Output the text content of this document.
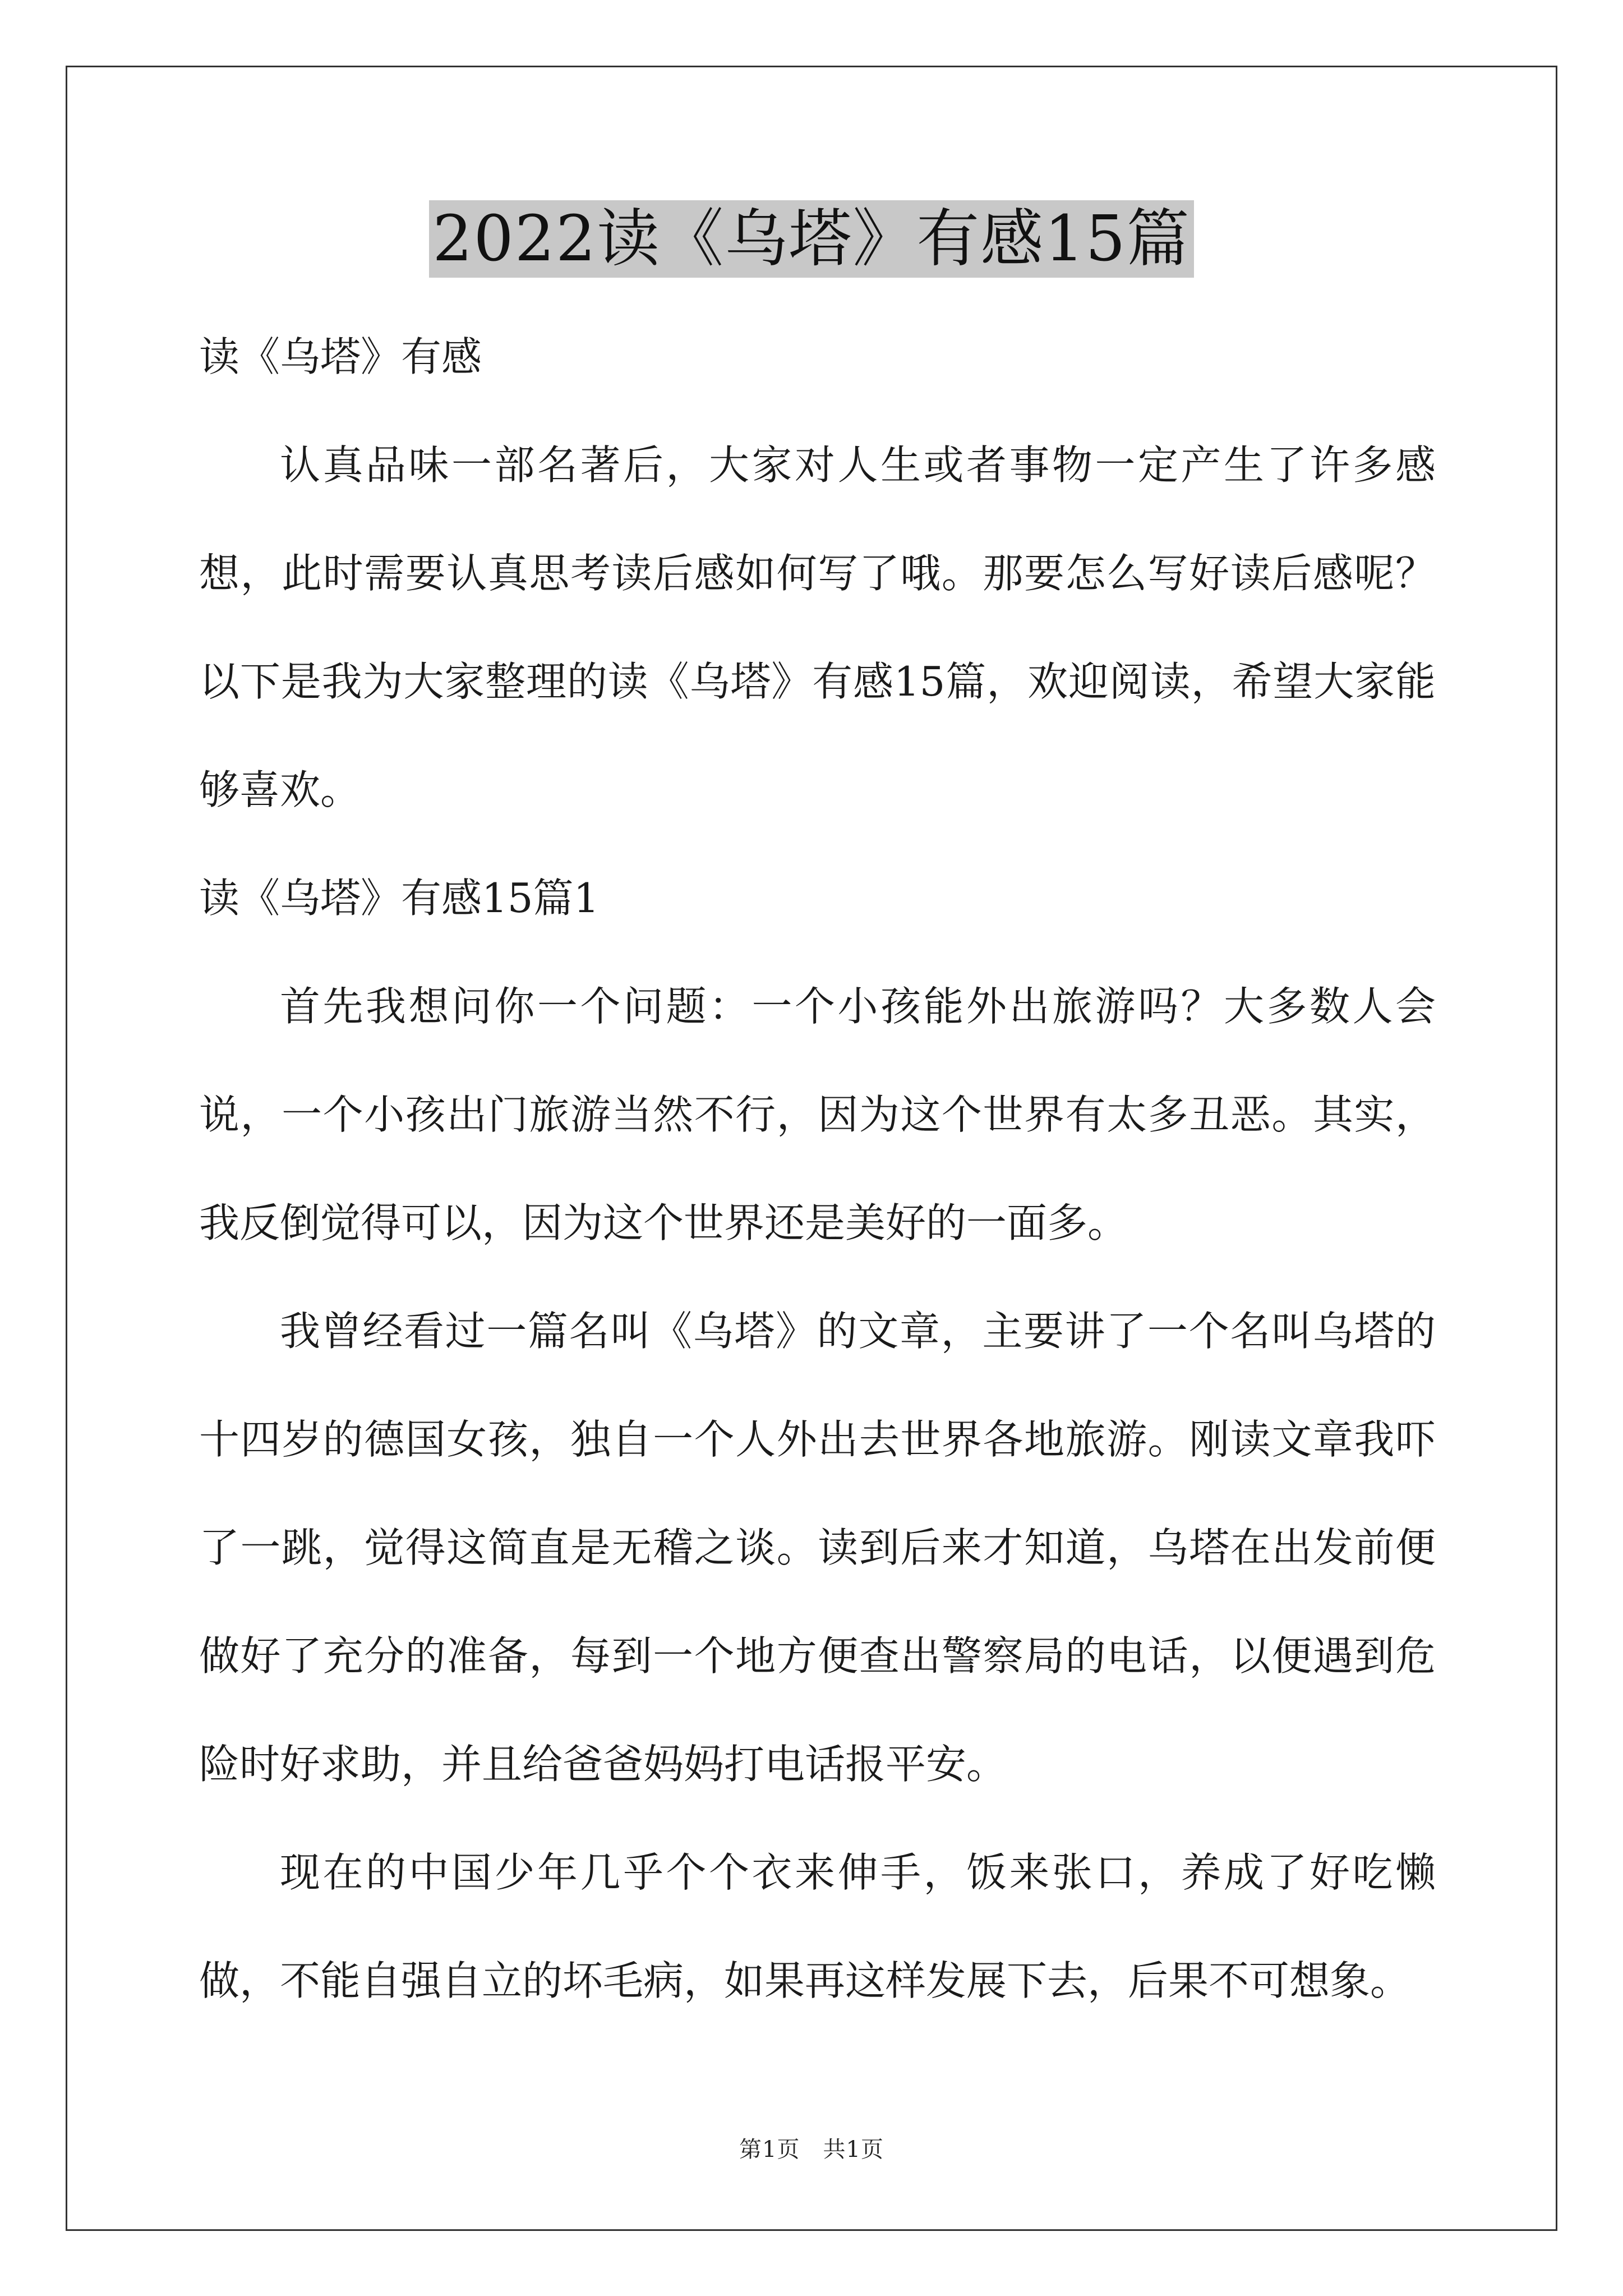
2022读《乌塔》有感15篇

读《乌塔》有感

认真品味一部名著后，大家对人生或者事物一定产生了许多感想，此时需要认真思考读后感如何写了哦。那要怎么写好读后感呢？以下是我为大家整理的读《乌塔》有感15篇，欢迎阅读，希望大家能够喜欢。

读《乌塔》有感15篇1

首先我想问你一个问题：一个小孩能外出旅游吗？大多数人会说，一个小孩出门旅游当然不行，因为这个世界有太多丑恶。其实，我反倒觉得可以，因为这个世界还是美好的一面多。

我曾经看过一篇名叫《乌塔》的文章，主要讲了一个名叫乌塔的十四岁的德国女孩，独自一个人外出去世界各地旅游。刚读文章我吓了一跳，觉得这简直是无稽之谈。读到后来才知道，乌塔在出发前便做好了充分的准备，每到一个地方便查出警察局的电话，以便遇到危险时好求助，并且给爸爸妈妈打电话报平安。

现在的中国少年几乎个个衣来伸手，饭来张口，养成了好吃懒做，不能自强自立的坏毛病，如果再这样发展下去，后果不可想象。

第1页　共1页
